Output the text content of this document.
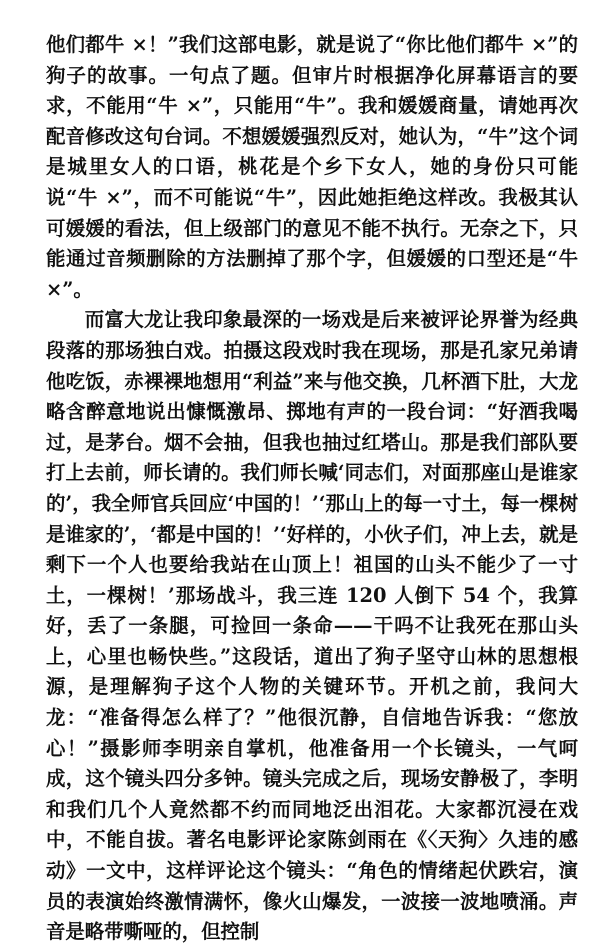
他们都牛 ×！”我们这部电影，就是说了“你比他们都牛 ×”的狗子的故事。一句点了题。但审片时根据净化屏幕语言的要求，不能用“牛 ×”，只能用“牛”。我和媛媛商量，请她再次配音修改这句台词。不想媛媛强烈反对，她认为，“牛”这个词是城里女人的口语，桃花是个乡下女人，她的身份只可能说“牛 ×”，而不可能说“牛”，因此她拒绝这样改。我极其认可媛媛的看法，但上级部门的意见不能不执行。无奈之下，只能通过音频删除的方法删掉了那个字，但媛媛的口型还是“牛 ×”。

而富大龙让我印象最深的一场戏是后来被评论界誉为经典段落的那场独白戏。拍摄这段戏时我在现场，那是孔家兄弟请他吃饭，赤裸裸地想用“利益”来与他交换，几杯酒下肚，大龙略含醉意地说出慷慨激昂、掷地有声的一段台词：“好酒我喝过，是茅台。烟不会抽，但我也抽过红塔山。那是我们部队要打上去前，师长请的。我们师长喊‘同志们，对面那座山是谁家的’，我全师官兵回应‘中国的！’‘那山上的每一寸土，每一棵树是谁家的’，‘都是中国的！’‘好样的，小伙子们，冲上去，就是剩下一个人也要给我站在山顶上！祖国的山头不能少了一寸土，一棵树！’那场战斗，我三连 120 人倒下 54 个，我算好，丢了一条腿，可捡回一条命——干吗不让我死在那山头上，心里也畅快些。”这段话，道出了狗子坚守山林的思想根源，是理解狗子这个人物的关键环节。开机之前，我问大龙：“准备得怎么样了？”他很沉静，自信地告诉我：“您放心！”摄影师李明亲自掌机，他准备用一个长镜头，一气呵成，这个镜头四分多钟。镜头完成之后，现场安静极了，李明和我们几个人竟然都不约而同地泛出泪花。大家都沉浸在戏中，不能自拔。著名电影评论家陈剑雨在《〈天狗〉久违的感动》一文中，这样评论这个镜头：“角色的情绪起伏跌宕，演员的表演始终激情满怀，像火山爆发，一波接一波地喷涌。声音是略带嘶哑的，但控制
